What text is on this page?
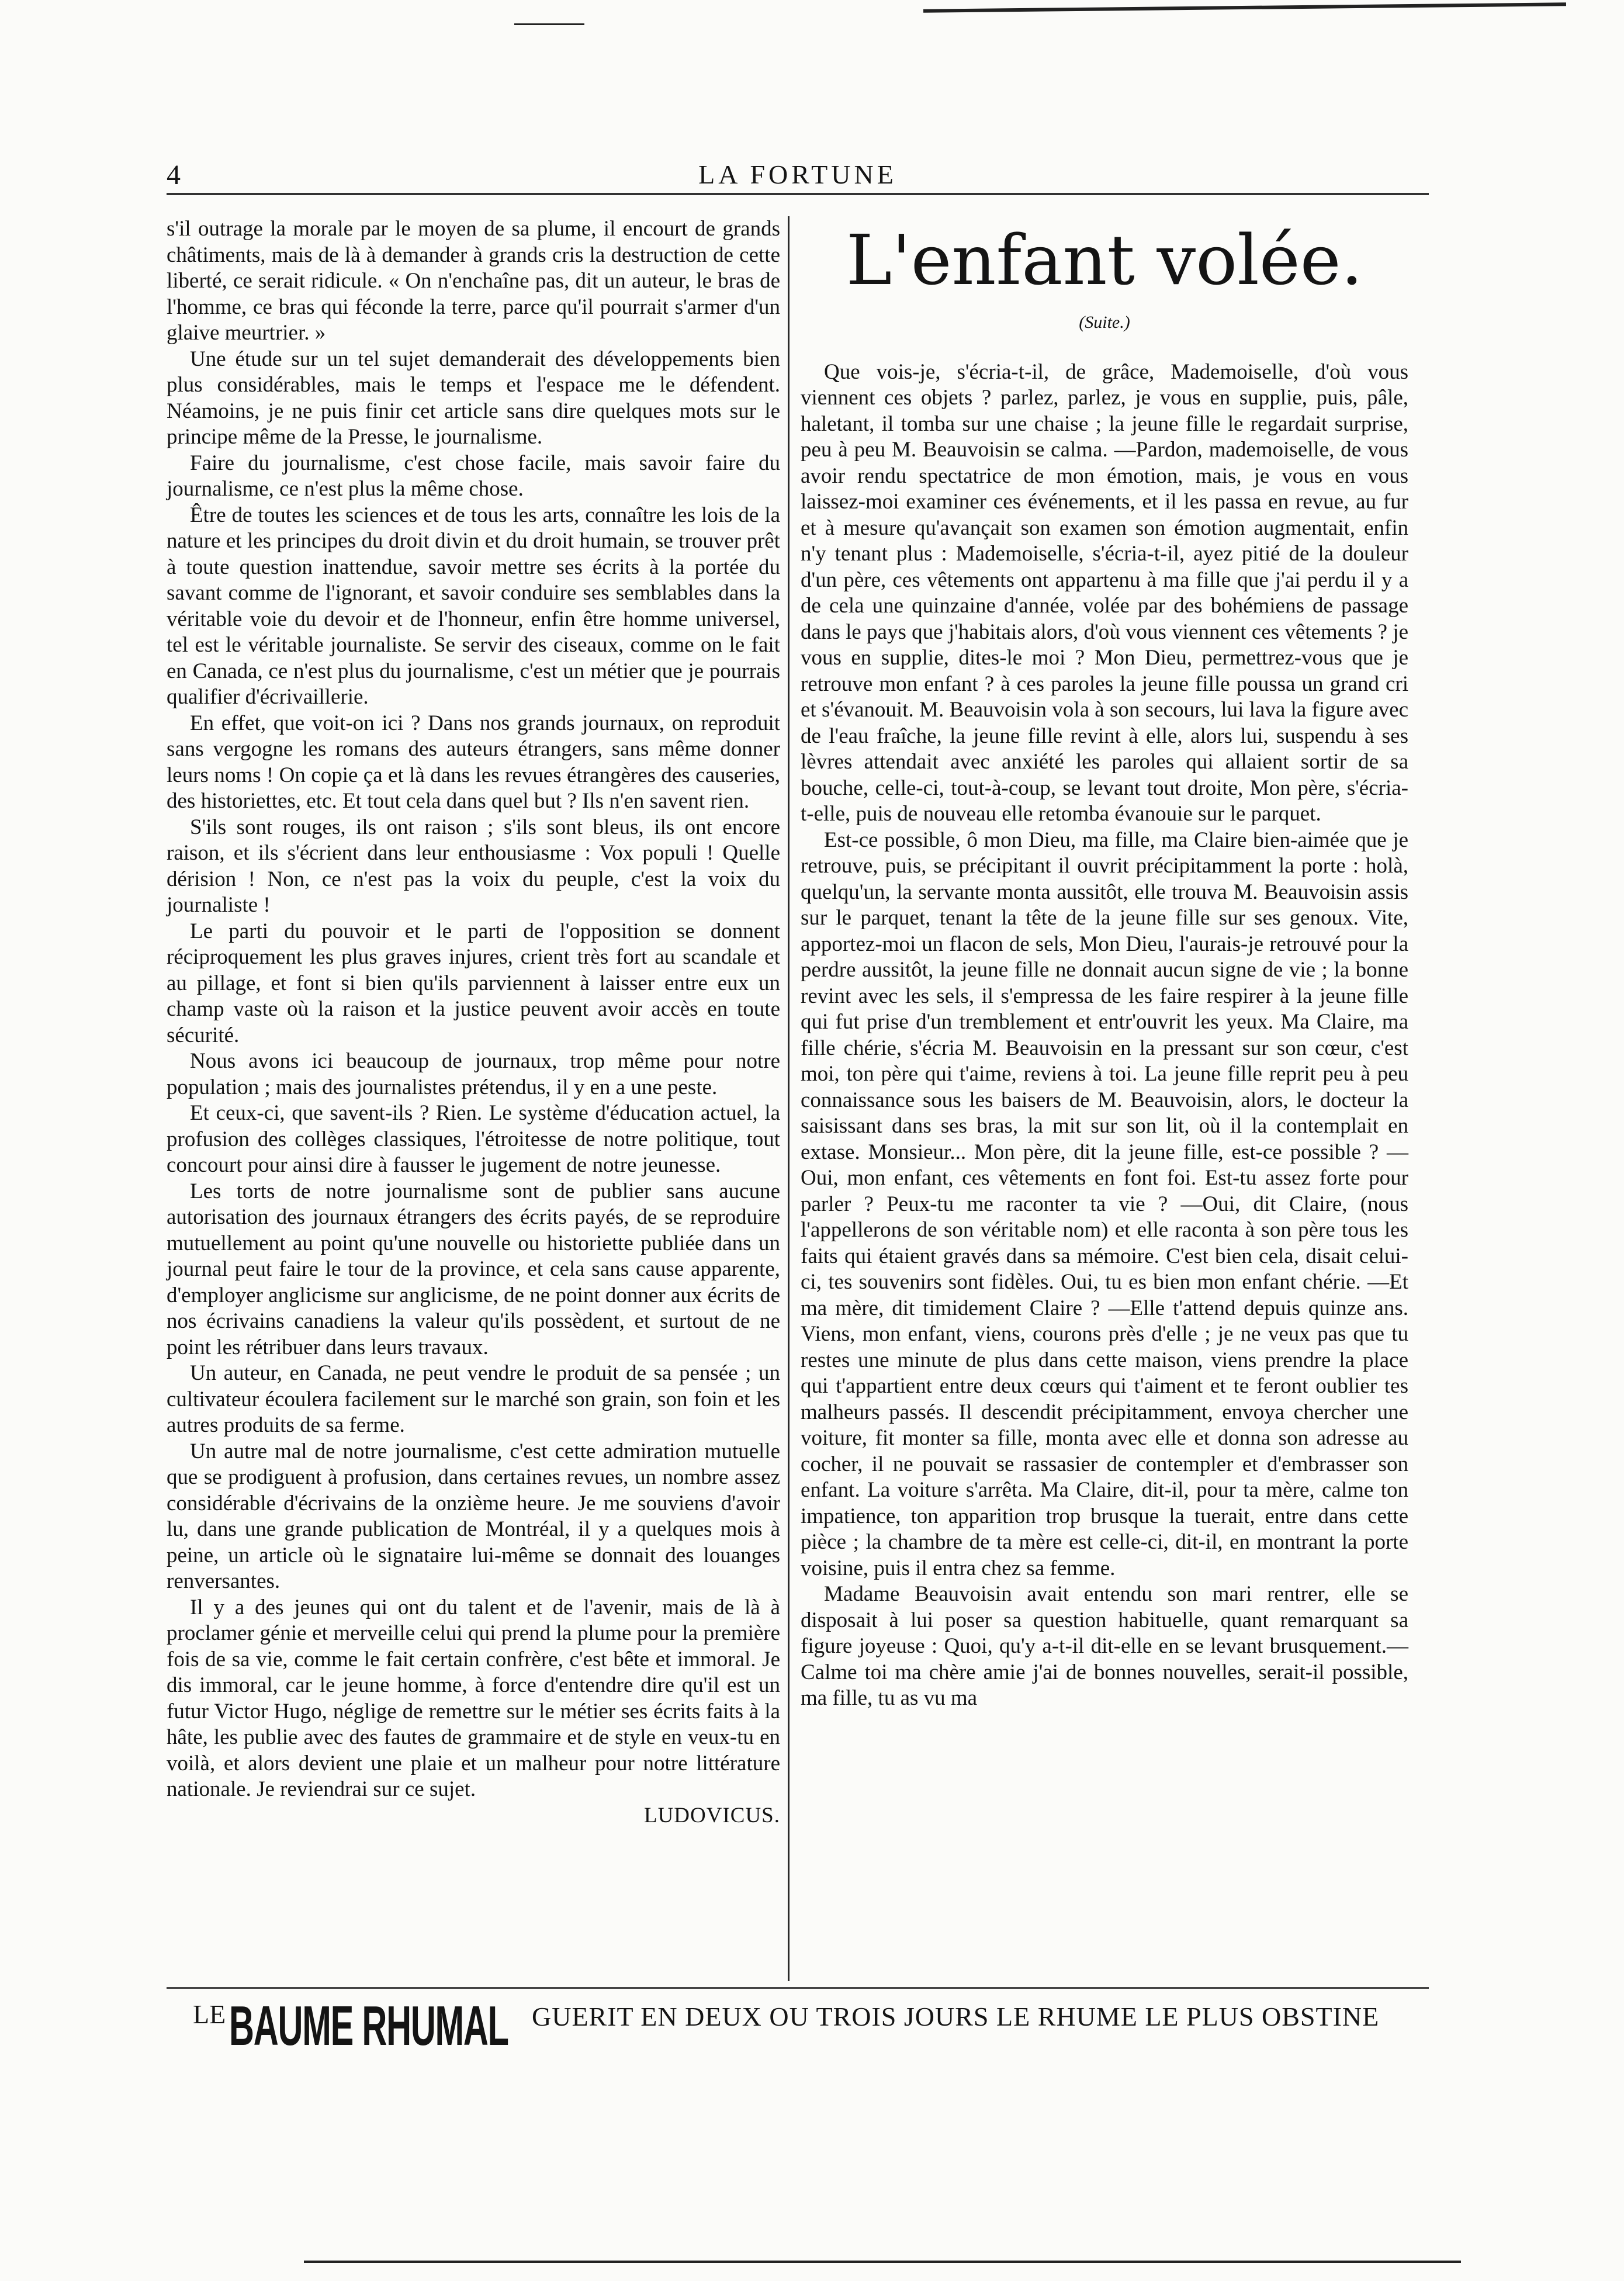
4	LA FORTUNE

s'il outrage la morale par le moyen de sa plume, il encourt de grands châtiments, mais de là à demander à grands cris la destruction de cette liberté, ce serait ridicule. « On n'enchaîne pas, dit un auteur, le bras de l'homme, ce bras qui féconde la terre, parce qu'il pourrait s'armer d'un glaive meurtrier. »

Une étude sur un tel sujet demanderait des développements bien plus considérables, mais le temps et l'espace me le défendent. Néamoins, je ne puis finir cet article sans dire quelques mots sur le principe même de la Presse, le journalisme.

Faire du journalisme, c'est chose facile, mais savoir faire du journalisme, ce n'est plus la même chose.

Être de toutes les sciences et de tous les arts, connaître les lois de la nature et les principes du droit divin et du droit humain, se trouver prêt à toute question inattendue, savoir mettre ses écrits à la portée du savant comme de l'ignorant, et savoir conduire ses semblables dans la véritable voie du devoir et de l'honneur, enfin être homme universel, tel est le véritable journaliste. Se servir des ciseaux, comme on le fait en Canada, ce n'est plus du journalisme, c'est un métier que je pourrais qualifier d'écrivaillerie.

En effet, que voit-on ici ? Dans nos grands journaux, on reproduit sans vergogne les romans des auteurs étrangers, sans même donner leurs noms ! On copie ça et là dans les revues étrangères des causeries, des historiettes, etc. Et tout cela dans quel but ? Ils n'en savent rien.

S'ils sont rouges, ils ont raison ; s'ils sont bleus, ils ont encore raison, et ils s'écrient dans leur enthousiasme : Vox populi ! Quelle dérision ! Non, ce n'est pas la voix du peuple, c'est la voix du journaliste !

Le parti du pouvoir et le parti de l'opposition se donnent réciproquement les plus graves injures, crient très fort au scandale et au pillage, et font si bien qu'ils parviennent à laisser entre eux un champ vaste où la raison et la justice peuvent avoir accès en toute sécurité.

Nous avons ici beaucoup de journaux, trop même pour notre population ; mais des journalistes prétendus, il y en a une peste.

Et ceux-ci, que savent-ils ? Rien. Le système d'éducation actuel, la profusion des collèges classiques, l'étroitesse de notre politique, tout concourt pour ainsi dire à fausser le jugement de notre jeunesse.

Les torts de notre journalisme sont de publier sans aucune autorisation des journaux étrangers des écrits payés, de se reproduire mutuellement au point qu'une nouvelle ou historiette publiée dans un journal peut faire le tour de la province, et cela sans cause apparente, d'employer anglicisme sur anglicisme, de ne point donner aux écrits de nos écrivains canadiens la valeur qu'ils possèdent, et surtout de ne point les rétribuer dans leurs travaux.

Un auteur, en Canada, ne peut vendre le produit de sa pensée ; un cultivateur écoulera facilement sur le marché son grain, son foin et les autres produits de sa ferme.

Un autre mal de notre journalisme, c'est cette admiration mutuelle que se prodiguent à profusion, dans certaines revues, un nombre assez considérable d'écrivains de la onzième heure. Je me souviens d'avoir lu, dans une grande publication de Montréal, il y a quelques mois à peine, un article où le signataire lui-même se donnait des louanges renversantes.

Il y a des jeunes qui ont du talent et de l'avenir, mais de là à proclamer génie et merveille celui qui prend la plume pour la première fois de sa vie, comme le fait certain confrère, c'est bête et immoral. Je dis immoral, car le jeune homme, à force d'entendre dire qu'il est un futur Victor Hugo, néglige de remettre sur le métier ses écrits faits à la hâte, les publie avec des fautes de grammaire et de style en veux-tu en voilà, et alors devient une plaie et un malheur pour notre littérature nationale. Je reviendrai sur ce sujet.

LUDOVICUS.

L'enfant volée.
(Suite.)

Que vois-je, s'écria-t-il, de grâce, Mademoiselle, d'où vous viennent ces objets ? parlez, parlez, je vous en supplie, puis, pâle, haletant, il tomba sur une chaise ; la jeune fille le regardait surprise, peu à peu M. Beauvoisin se calma. —Pardon, mademoiselle, de vous avoir rendu spectatrice de mon émotion, mais, je vous en vous laissez-moi examiner ces événements, et il les passa en revue, au fur et à mesure qu'avançait son examen son émotion augmentait, enfin n'y tenant plus : Mademoiselle, s'écria-t-il, ayez pitié de la douleur d'un père, ces vêtements ont appartenu à ma fille que j'ai perdu il y a de cela une quinzaine d'année, volée par des bohémiens de passage dans le pays que j'habitais alors, d'où vous viennent ces vêtements ? je vous en supplie, dites-le moi ? Mon Dieu, permettrez-vous que je retrouve mon enfant ? à ces paroles la jeune fille poussa un grand cri et s'évanouit. M. Beauvoisin vola à son secours, lui lava la figure avec de l'eau fraîche, la jeune fille revint à elle, alors lui, suspendu à ses lèvres attendait avec anxiété les paroles qui allaient sortir de sa bouche, celle-ci, tout-à-coup, se levant tout droite, Mon père, s'écria-t-elle, puis de nouveau elle retomba évanouie sur le parquet.

Est-ce possible, ô mon Dieu, ma fille, ma Claire bien-aimée que je retrouve, puis, se précipitant il ouvrit précipitamment la porte : holà, quelqu'un, la servante monta aussitôt, elle trouva M. Beauvoisin assis sur le parquet, tenant la tête de la jeune fille sur ses genoux. Vite, apportez-moi un flacon de sels, Mon Dieu, l'aurais-je retrouvé pour la perdre aussitôt, la jeune fille ne donnait aucun signe de vie ; la bonne revint avec les sels, il s'empressa de les faire respirer à la jeune fille qui fut prise d'un tremblement et entr'ouvrit les yeux. Ma Claire, ma fille chérie, s'écria M. Beauvoisin en la pressant sur son cœur, c'est moi, ton père qui t'aime, reviens à toi. La jeune fille reprit peu à peu connaissance sous les baisers de M. Beauvoisin, alors, le docteur la saisissant dans ses bras, la mit sur son lit, où il la contemplait en extase. Monsieur... Mon père, dit la jeune fille, est-ce possible ? —Oui, mon enfant, ces vêtements en font foi. Est-tu assez forte pour parler ? Peux-tu me raconter ta vie ? —Oui, dit Claire, (nous l'appellerons de son véritable nom) et elle raconta à son père tous les faits qui étaient gravés dans sa mémoire. C'est bien cela, disait celui-ci, tes souvenirs sont fidèles. Oui, tu es bien mon enfant chérie. —Et ma mère, dit timidement Claire ? —Elle t'attend depuis quinze ans. Viens, mon enfant, viens, courons près d'elle ; je ne veux pas que tu restes une minute de plus dans cette maison, viens prendre la place qui t'appartient entre deux cœurs qui t'aiment et te feront oublier tes malheurs passés. Il descendit précipitamment, envoya chercher une voiture, fit monter sa fille, monta avec elle et donna son adresse au cocher, il ne pouvait se rassasier de contempler et d'embrasser son enfant. La voiture s'arrêta. Ma Claire, dit-il, pour ta mère, calme ton impatience, ton apparition trop brusque la tuerait, entre dans cette pièce ; la chambre de ta mère est celle-ci, dit-il, en montrant la porte voisine, puis il entra chez sa femme.

Madame Beauvoisin avait entendu son mari rentrer, elle se disposait à lui poser sa question habituelle, quant remarquant sa figure joyeuse : Quoi, qu'y a-t-il dit-elle en se levant brusquement.—Calme toi ma chère amie j'ai de bonnes nouvelles, serait-il possible, ma fille, tu as vu ma

LE BAUME RHUMAL GUERIT EN DEUX OU TROIS JOURS LE RHUME LE PLUS OBSTINE
